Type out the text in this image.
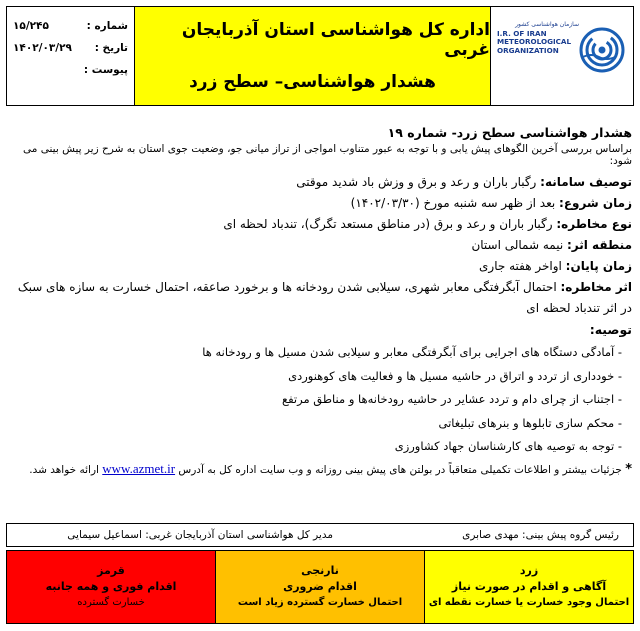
شماره :
۱۵/۲۴۵
تاریخ :
۱۴۰۲/۰۳/۲۹
پیوست :
اداره کل هواشناسی استان آذربایجان غربی
هشدار هواشناسی– سطح زرد
سازمان هواشناسی کشور
I.R. OF IRAN
METEOROLOGICAL
ORGANIZATION
هشدار هواشناسی سطح زرد- شماره ۱۹
براساس بررسی آخرین الگوهای پیش یابی و با توجه به عبور متناوب امواجی از تراز میانی جو، وضعیت جوی استان به شرح زیر پیش بینی می شود:
توصیف سامانه: رگبار باران و رعد و برق و وزش باد شدید موقتی
زمان شروع: بعد از ظهر سه شنبه مورخ (۱۴۰۲/۰۳/۳۰)
نوع مخاطره: رگبار باران و رعد و برق (در مناطق مستعد تگرگ)، تندباد لحظه ای
منطقه اثر: نیمه شمالی استان
زمان پایان: اواخر هفته جاری
اثر مخاطره: احتمال آبگرفتگی معابر شهری، سیلابی شدن رودخانه ها و برخورد صاعقه، احتمال خسارت به سازه های سبک در اثر تندباد لحظه ای
توصیه:
- آمادگی دستگاه های اجرایی برای آبگرفتگی معابر و سیلابی شدن مسیل ها و رودخانه ها
- خودداری از تردد و اتراق در حاشیه مسیل ها و فعالیت های کوهنوردی
- اجتناب از چرای دام و تردد عشایر در حاشیه رودخانه‌ها و مناطق مرتفع
- محکم سازی تابلوها و بنرهای تبلیغاتی
- توجه به توصیه های کارشناسان جهاد کشاورزی
* جزئیات بیشتر و اطلاعات تکمیلی متعاقباً در بولتن های پیش بینی روزانه و وب سایت اداره کل به آدرس www.azmet.ir ارائه خواهد شد.
رئیس گروه پیش بینی: مهدی صابری
مدیر کل هواشناسی استان آذربایجان غربی: اسماعیل سیمایی
زرد
آگاهی و اقدام در صورت نیاز
احتمال وجود خسارت یا خسارت نقطه ای
نارنجی
اقدام ضروری
احتمال خسارت گسترده زیاد است
قرمز
اقدام فوری و همه جانبه
خسارت گسترده
